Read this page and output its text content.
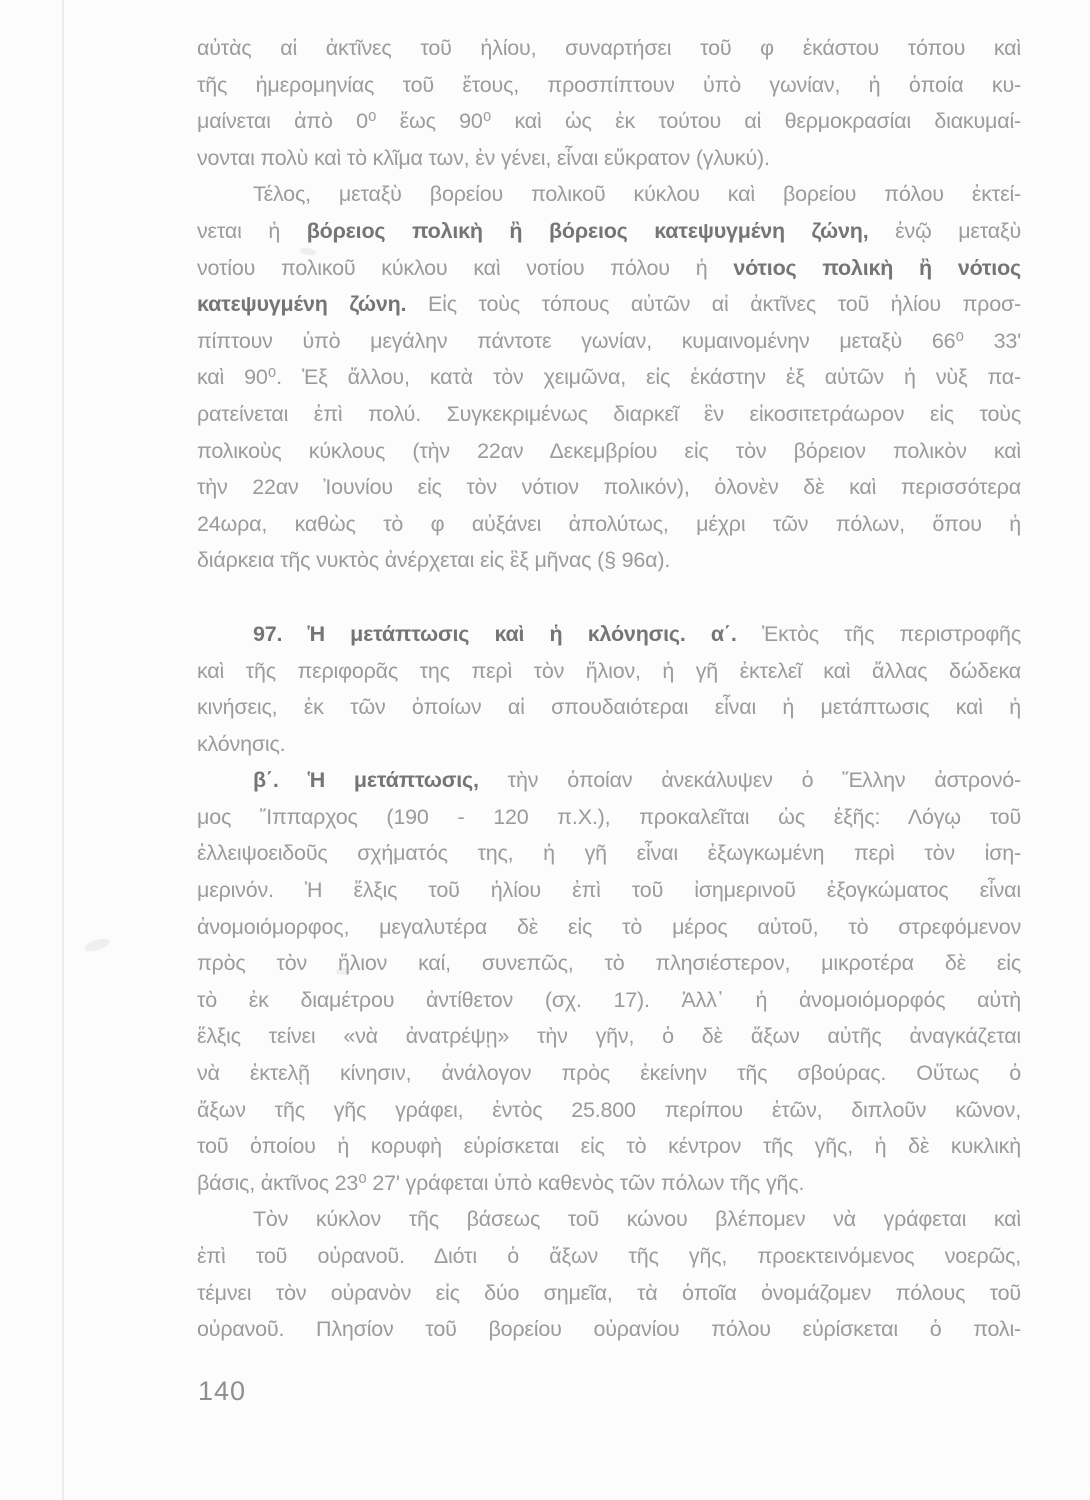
αὐτὰς αἱ ἀκτῖνες τοῦ ἡλίου, συναρτήσει τοῦ φ ἑκάστου τόπου καὶ
τῆς ἡμερομηνίας τοῦ ἔτους, προσπίπτουν ὑπὸ γωνίαν, ἡ ὁποία κυ-
μαίνεται ἀπὸ 0⁰ ἕως 90⁰ καὶ ὡς ἐκ τούτου αἱ θερμοκρασίαι διακυμαί-
νονται πολὺ καὶ τὸ κλῖμα των, ἐν γένει, εἶναι εὔκρατον (γλυκύ).
Τέλος, μεταξὺ βορείου πολικοῦ κύκλου καὶ βορείου πόλου ἐκτεί-
νεται ἡ βόρειος πολικὴ ἢ βόρειος κατεψυγμένη ζώνη, ἐνῷ μεταξὺ
νοτίου πολικοῦ κύκλου καὶ νοτίου πόλου ἡ νότιος πολικὴ ἢ νότιος
κατεψυγμένη ζώνη. Εἰς τοὺς τόπους αὐτῶν αἱ ἀκτῖνες τοῦ ἡλίου προσ-
πίπτουν ὑπὸ μεγάλην πάντοτε γωνίαν, κυμαινομένην μεταξὺ 66⁰ 33'
καὶ 90⁰. Ἐξ ἄλλου, κατὰ τὸν χειμῶνα, εἰς ἑκάστην ἐξ αὐτῶν ἡ νὺξ πα-
ρατείνεται ἐπὶ πολύ. Συγκεκριμένως διαρκεῖ ἓν εἰκοσιτετράωρον εἰς τοὺς
πολικοὺς κύκλους (τὴν 22αν Δεκεμβρίου εἰς τὸν βόρειον πολικὸν καὶ
τὴν 22αν Ἰουνίου εἰς τὸν νότιον πολικόν), ὁλονὲν δὲ καὶ περισσότερα
24ωρα, καθὼς τὸ φ αὐξάνει ἀπολύτως, μέχρι τῶν πόλων, ὅπου ἡ
διάρκεια τῆς νυκτὸς ἀνέρχεται εἰς ἓξ μῆνας (§ 96α).
97. Ἡ μετάπτωσις καὶ ἡ κλόνησις. α΄. Ἐκτὸς τῆς περιστροφῆς
καὶ τῆς περιφορᾶς της περὶ τὸν ἥλιον, ἡ γῆ ἐκτελεῖ καὶ ἄλλας δώδεκα
κινήσεις, ἐκ τῶν ὁποίων αἱ σπουδαιότεραι εἶναι ἡ μετάπτωσις καὶ ἡ
κλόνησις.
β΄. Ἡ μετάπτωσις, τὴν ὁποίαν ἀνεκάλυψεν ὁ Ἕλλην ἀστρονό-
μος Ἵππαρχος (190 - 120 π.Χ.), προκαλεῖται ὡς ἑξῆς: Λόγῳ τοῦ
ἐλλειψοειδοῦς σχήματός της, ἡ γῆ εἶναι ἐξωγκωμένη περὶ τὸν ἰση-
μερινόν. Ἡ ἕλξις τοῦ ἡλίου ἐπὶ τοῦ ἰσημερινοῦ ἐξογκώματος εἶναι
ἀνομοιόμορφος, μεγαλυτέρα δὲ εἰς τὸ μέρος αὐτοῦ, τὸ στρεφόμενον
πρὸς τὸν ἥλιον καί, συνεπῶς, τὸ πλησιέστερον, μικροτέρα δὲ εἰς
τὸ ἐκ διαμέτρου ἀντίθετον (σχ. 17). Ἀλλ᾽ ἡ ἀνομοιόμορφός αὐτὴ
ἕλξις τείνει «νὰ ἀνατρέψῃ» τὴν γῆν, ὁ δὲ ἄξων αὐτῆς ἀναγκάζεται
νὰ ἐκτελῇ κίνησιν, ἀνάλογον πρὸς ἐκείνην τῆς σβούρας. Οὕτως ὁ
ἄξων τῆς γῆς γράφει, ἐντὸς 25.800 περίπου ἐτῶν, διπλοῦν κῶνον,
τοῦ ὁποίου ἡ κορυφὴ εὑρίσκεται εἰς τὸ κέντρον τῆς γῆς, ἡ δὲ κυκλικὴ
βάσις, ἀκτῖνος 23⁰ 27' γράφεται ὑπὸ καθενὸς τῶν πόλων τῆς γῆς.
Τὸν κύκλον τῆς βάσεως τοῦ κώνου βλέπομεν νὰ γράφεται καὶ
ἐπὶ τοῦ οὐρανοῦ. Διότι ὁ ἄξων τῆς γῆς, προεκτεινόμενος νοερῶς,
τέμνει τὸν οὐρανὸν εἰς δύο σημεῖα, τὰ ὁποῖα ὀνομάζομεν πόλους τοῦ
οὐρανοῦ. Πλησίον τοῦ βορείου οὐρανίου πόλου εὑρίσκεται ὁ πολι-
140
